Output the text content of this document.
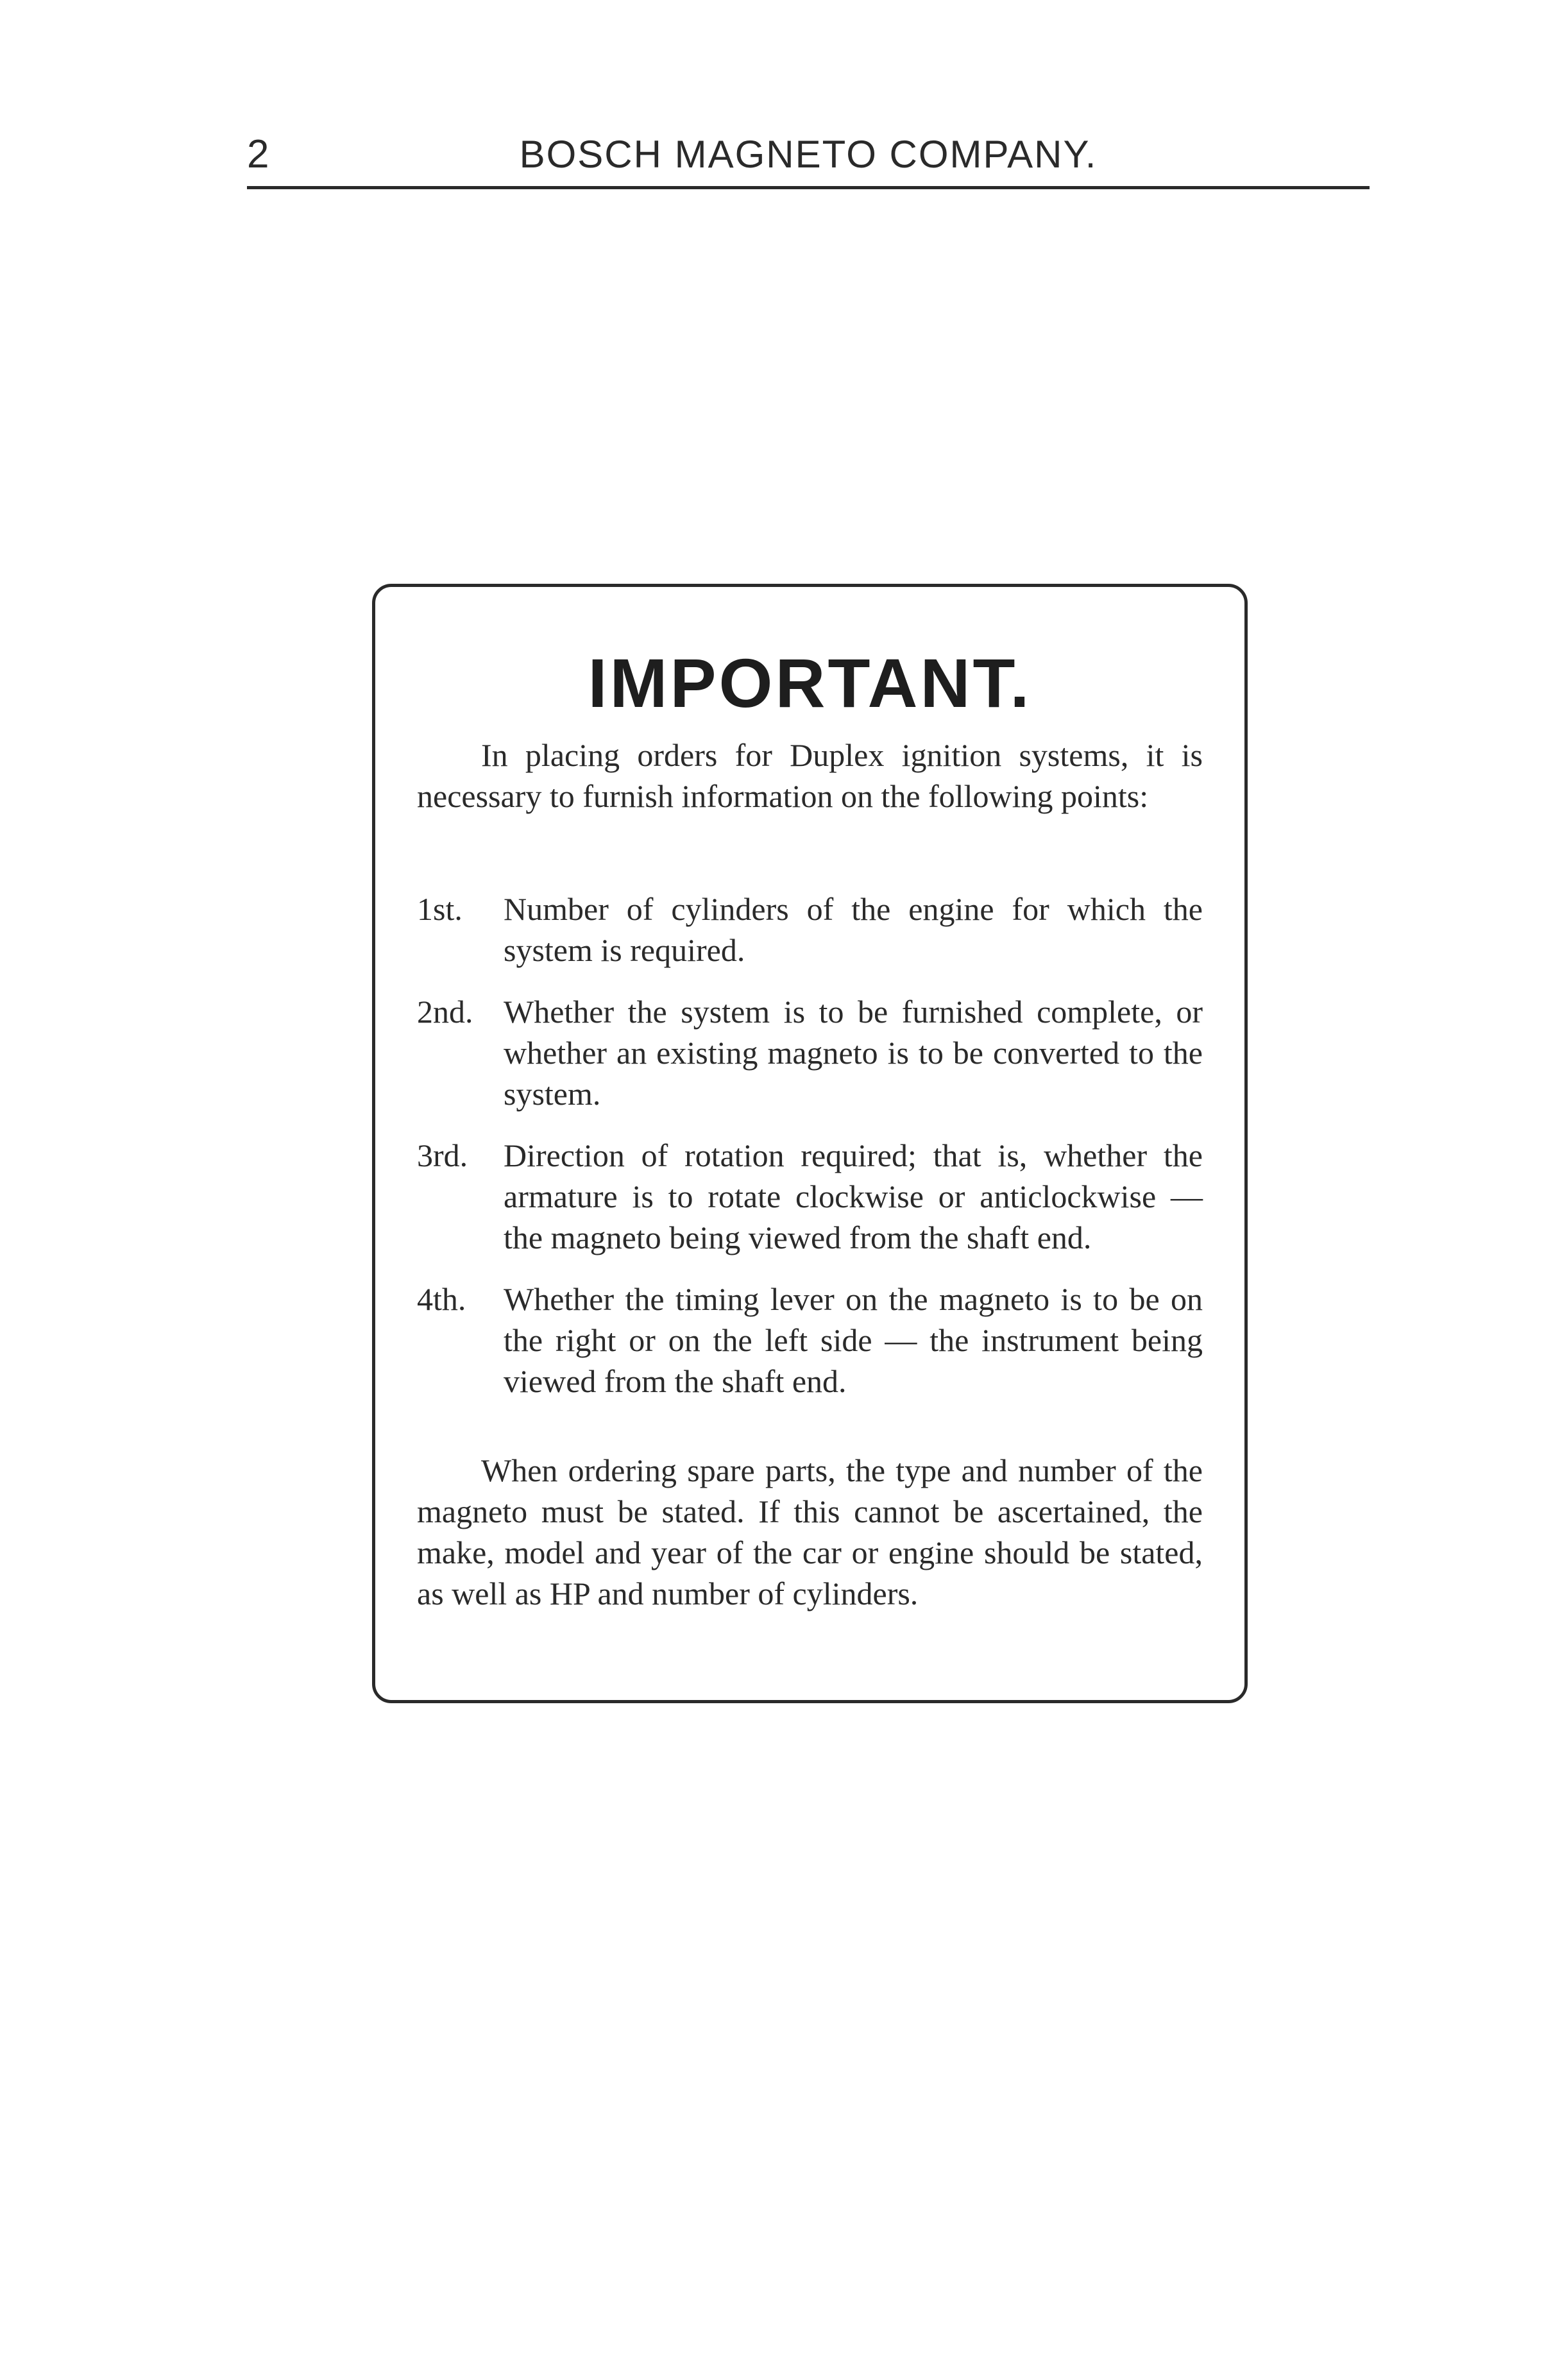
2	BOSCH MAGNETO COMPANY.
IMPORTANT.

In placing orders for Duplex ignition systems, it is necessary to furnish information on the following points:

1st. Number of cylinders of the engine for which the system is required.
2nd. Whether the system is to be furnished complete, or whether an existing magneto is to be converted to the system.
3rd. Direction of rotation required; that is, whether the armature is to rotate clockwise or anticlockwise — the magneto being viewed from the shaft end.
4th. Whether the timing lever on the magneto is to be on the right or on the left side — the instrument being viewed from the shaft end.

When ordering spare parts, the type and number of the magneto must be stated. If this cannot be ascertained, the make, model and year of the car or engine should be stated, as well as HP and number of cylinders.
